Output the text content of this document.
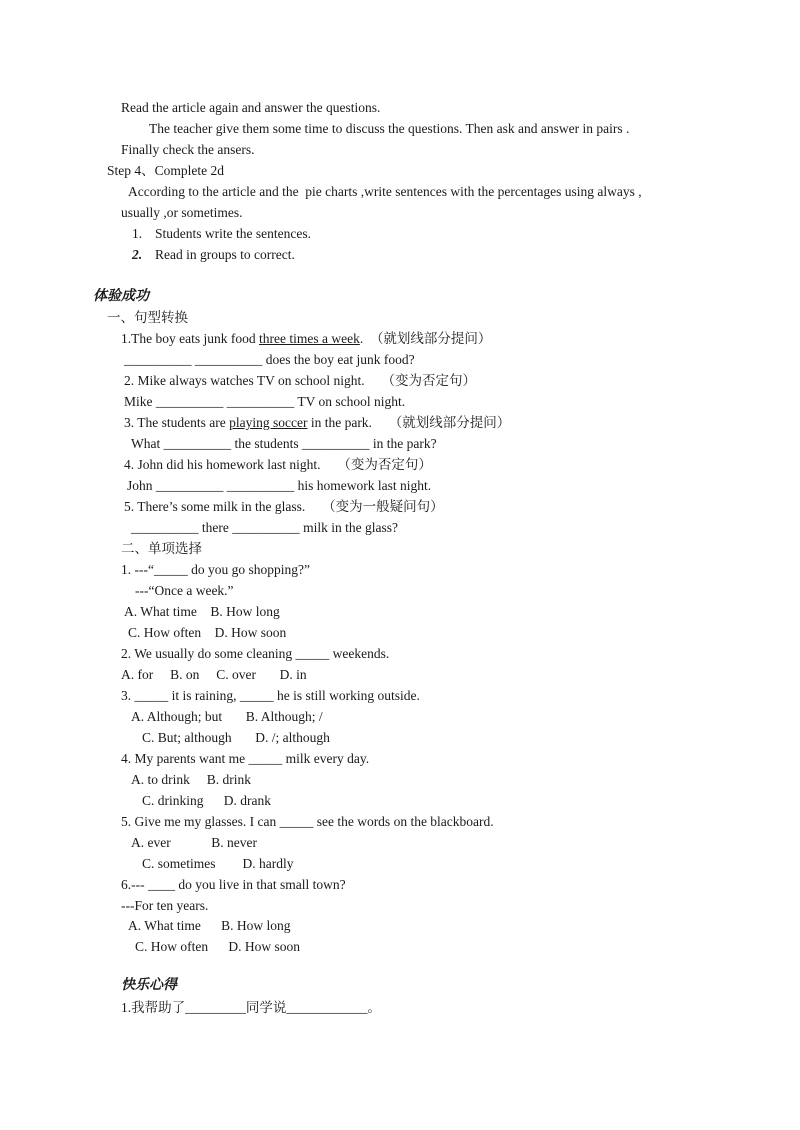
Read the article again and answer the questions.
The teacher give them some time to discuss the questions. Then ask and answer in pairs .
Finally check the ansers.
Step 4、Complete 2d
According to the article and the  pie charts ,write sentences with the percentages using always ,
usually ,or sometimes.
1. Students write the sentences.
2. Read in groups to correct.
体验成功
一、句型转换
1.The boy eats junk food three times a week.  （就划线部分提问）
__________ __________ does the boy eat junk food?
2. Mike always watches TV on school night.     （变为否定句）
Mike __________ __________ TV on school night.
3. The students are playing soccer in the park.     （就划线部分提问）
What __________ the students __________ in the park?
4. John did his homework last night.     （变为否定句）
John __________ __________ his homework last night.
5. There’s some milk in the glass.     （变为一般疑问句）
__________ there __________ milk in the glass?
二、单项选择
1. ---“_____ do you go shopping?”
---“Once a week.”
A. What time    B. How long
C. How often    D. How soon
2. We usually do some cleaning _____ weekends.
A. for     B. on     C. over       D. in
3. _____ it is raining, _____ he is still working outside.
A. Although; but       B. Although; /
C. But; although       D. /; although
4. My parents want me _____ milk every day.
A. to drink     B. drink
C. drinking      D. drank
5. Give me my glasses. I can _____ see the words on the blackboard.
A. ever            B. never
C. sometimes        D. hardly
6.--- ____ do you live in that small town?
---For ten years.
A. What time      B. How long
C. How often      D. How soon
快乐心得
1.我帮助了_________同学说____________。
